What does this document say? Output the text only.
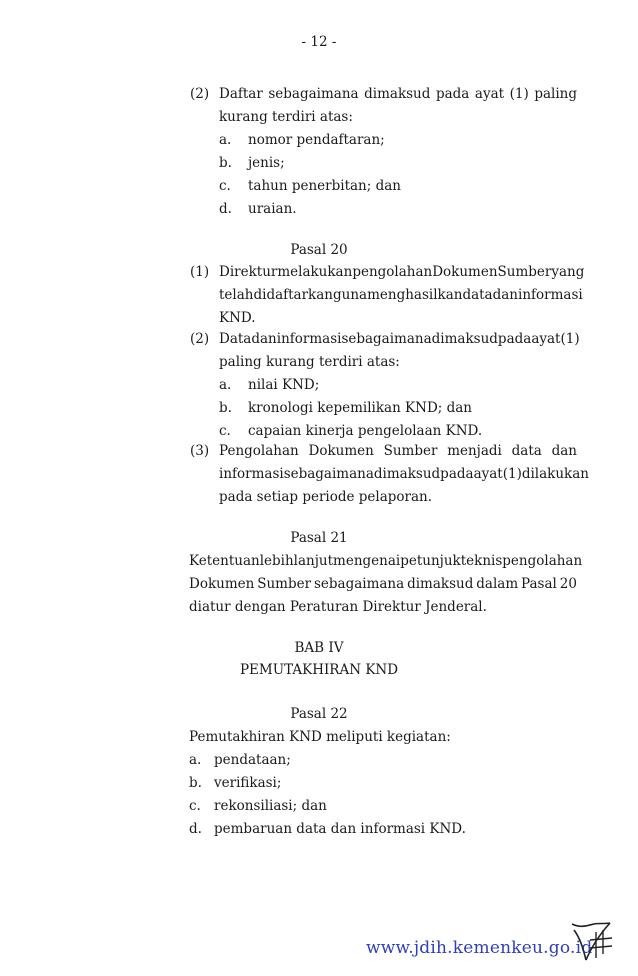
- 12 -
(2) Daftar sebagaimana dimaksud pada ayat (1) paling
kurang terdiri atas:
a. nomor pendaftaran;
b. jenis;
c. tahun penerbitan; dan
d. uraian.
Pasal 20
(1) Direktur melakukan pengolahan Dokumen Sumber yang
telah didaftarkan guna menghasilkan data dan informasi
KND.
(2) Data dan informasi sebagaimana dimaksud pada ayat (1)
paling kurang terdiri atas:
a. nilai KND;
b. kronologi kepemilikan KND; dan
c. capaian kinerja pengelolaan KND.
(3) Pengolahan Dokumen Sumber menjadi data dan
informasi sebagaimana dimaksud pada ayat (1) dilakukan
pada setiap periode pelaporan.
Pasal 21
Ketentuan lebih lanjut mengenai petunjuk teknis pengolahan
Dokumen Sumber sebagaimana dimaksud dalam Pasal 20
diatur dengan Peraturan Direktur Jenderal.
BAB IV
PEMUTAKHIRAN KND
Pasal 22
Pemutakhiran KND meliputi kegiatan:
a. pendataan;
b. verifikasi;
c. rekonsiliasi; dan
d. pembaruan data dan informasi KND.
www.jdih.kemenkeu.go.id
